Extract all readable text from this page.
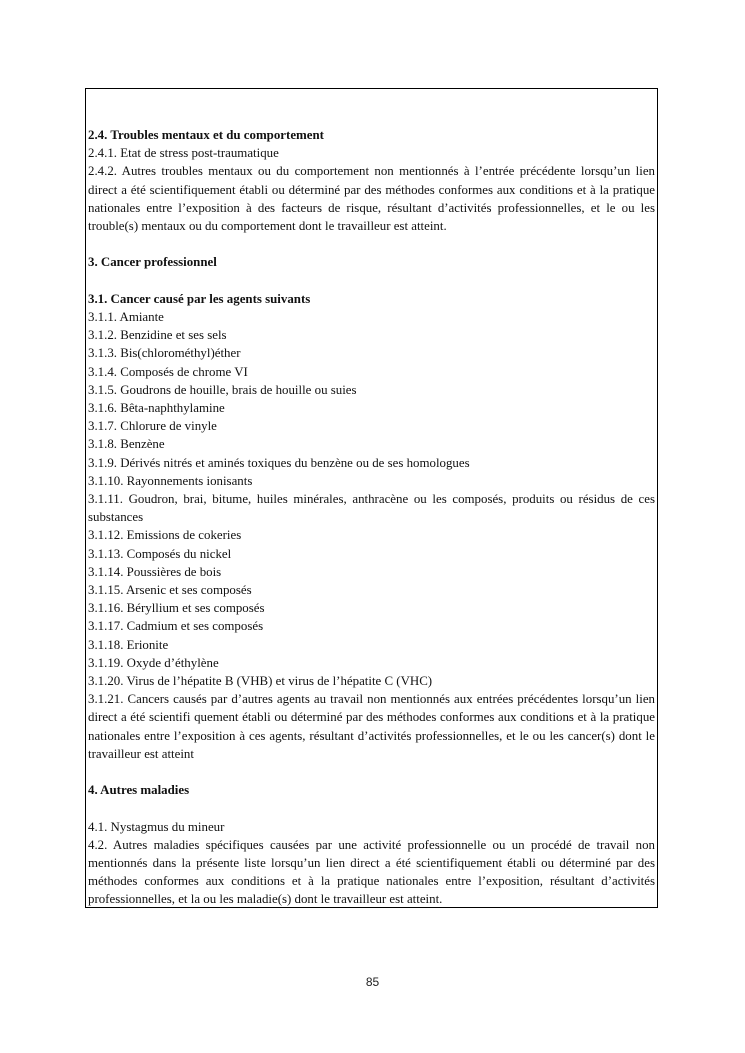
2.4. Troubles mentaux et du comportement
2.4.1. Etat de stress post-traumatique

2.4.2. Autres troubles mentaux ou du comportement non mentionnés à l’entrée précédente lorsqu’un lien direct a été scientifiquement établi ou déterminé par des méthodes conformes aux conditions et à la pratique nationales entre l’exposition à des facteurs de risque, résultant d’activités professionnelles, et le ou les trouble(s) mentaux ou du comportement dont le travailleur est atteint.

3. Cancer professionnel
3.1. Cancer causé par les agents suivants
3.1.1. Amiante
3.1.2. Benzidine et ses sels
3.1.3. Bis(chlorométhyl)éther
3.1.4. Composés de chrome VI
3.1.5. Goudrons de houille, brais de houille ou suies
3.1.6. Bêta-naphthylamine
3.1.7. Chlorure de vinyle
3.1.8. Benzène
3.1.9. Dérivés nitrés et aminés toxiques du benzène ou de ses homologues
3.1.10. Rayonnements ionisants

3.1.11. Goudron, brai, bitume, huiles minérales, anthracène ou les composés, produits ou résidus de ces substances

3.1.12. Emissions de cokeries
3.1.13. Composés du nickel
3.1.14. Poussières de bois
3.1.15. Arsenic et ses composés
3.1.16. Béryllium et ses composés
3.1.17. Cadmium et ses composés
3.1.18. Erionite
3.1.19. Oxyde d’éthylène
3.1.20. Virus de l’hépatite B (VHB) et virus de l’hépatite C (VHC)

3.1.21. Cancers causés par d’autres agents au travail non mentionnés aux entrées précédentes lorsqu’un lien direct a été scientifi quement établi ou déterminé par des méthodes conformes aux conditions et à la pratique nationales entre l’exposition à ces agents, résultant d’activités professionnelles, et le ou les cancer(s) dont le travailleur est atteint

4. Autres maladies
4.1. Nystagmus du mineur

4.2. Autres maladies spécifiques causées par une activité professionnelle ou un procédé de travail non mentionnés dans la présente liste lorsqu’un lien direct a été scientifiquement établi ou déterminé par des méthodes conformes aux conditions et à la pratique nationales entre l’exposition, résultant d’activités professionnelles, et la ou les maladie(s) dont le travailleur est atteint.

85
